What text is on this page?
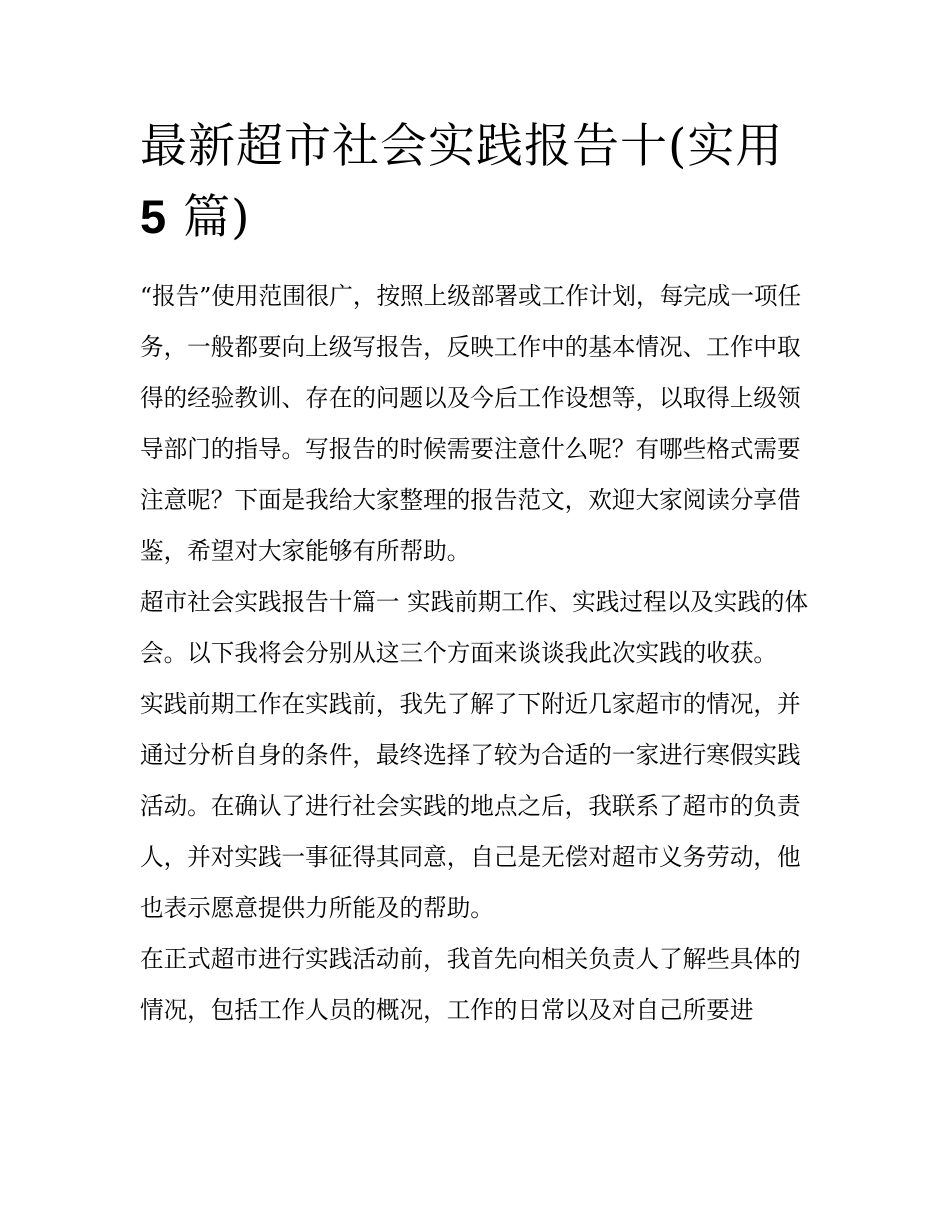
最新超市社会实践报告十(实用
5 篇)

“报告”使用范围很广，按照上级部署或工作计划，每完成一项任务，一般都要向上级写报告，反映工作中的基本情况、工作中取得的经验教训、存在的问题以及今后工作设想等，以取得上级领导部门的指导。写报告的时候需要注意什么呢？有哪些格式需要注意呢？下面是我给大家整理的报告范文，欢迎大家阅读分享借鉴，希望对大家能够有所帮助。

超市社会实践报告十篇一 实践前期工作、实践过程以及实践的体会。以下我将会分别从这三个方面来谈谈我此次实践的收获。

实践前期工作在实践前，我先了解了下附近几家超市的情况，并通过分析自身的条件，最终选择了较为合适的一家进行寒假实践活动。在确认了进行社会实践的地点之后，我联系了超市的负责人，并对实践一事征得其同意，自己是无偿对超市义务劳动，他也表示愿意提供力所能及的帮助。

在正式超市进行实践活动前，我首先向相关负责人了解些具体的情况，包括工作人员的概况，工作的日常以及对自己所要进
